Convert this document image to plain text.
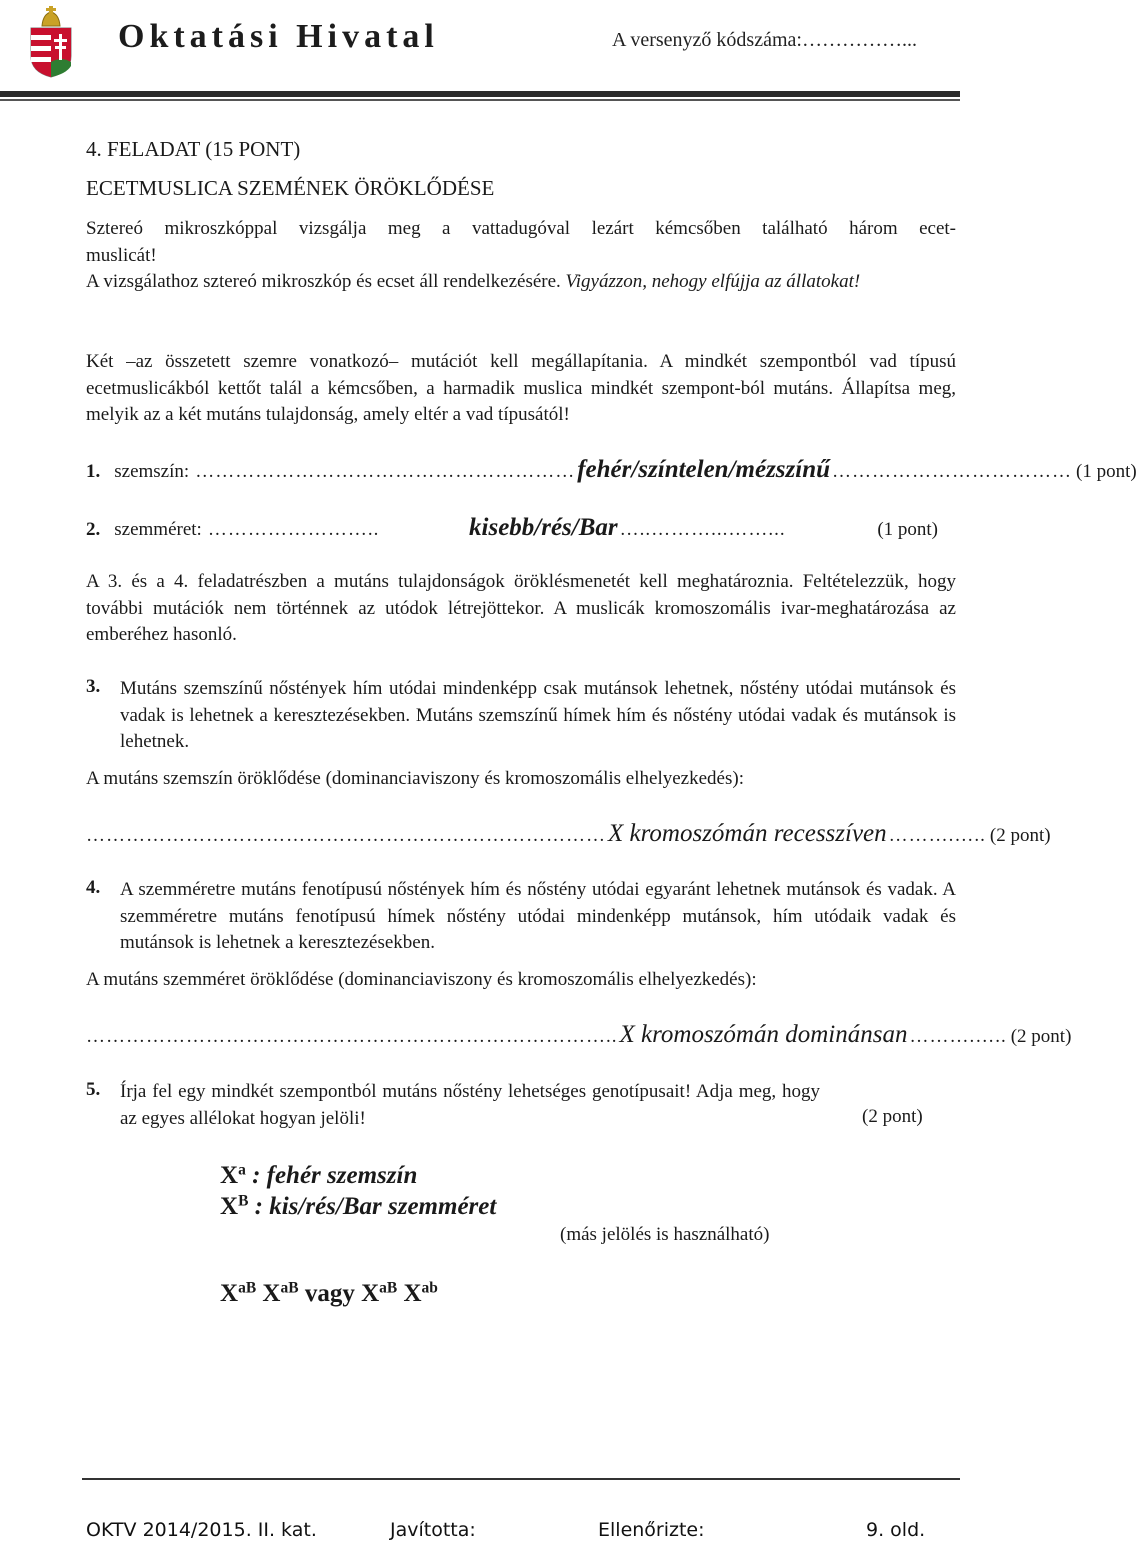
Oktatási Hivatal	A versenyző kódszáma:……………...
4. FELADAT (15 PONT)
ECETMUSLICA SZEMÉNEK ÖRÖKLŐDÉSE
Sztereó mikroszkóppal vizsgálja meg a vattadugóval lezárt kémcsőben található három ecet-
muslicát!
A vizsgálathoz sztereó mikroszkóp és ecset áll rendelkezésére. Vigyázzon, nehogy elfújja az állatokat!
Két –az összetett szemre vonatkozó– mutációt kell megállapítania. A mindkét szempontból vad típusú ecetmuslicákból kettőt talál a kémcsőben, a harmadik muslica mindkét szempont-ból mutáns. Állapítsa meg, melyik az a két mutáns tulajdonság, amely eltér a vad típusától!
1. szemszín: ………………………………………………… fehér/színtelen/mézszínű ……………………………… (1 pont)
2. szemméret: ……………………..	kisebb/rés/Bar …..………...……...	(1 pont)
A 3. és a 4. feladatrészben a mutáns tulajdonságok öröklésmenetét kell meghatároznia. Feltételezzük, hogy további mutációk nem történnek az utódok létrejöttekor. A muslicák kromoszomális ivar-meghatározása az emberéhez hasonló.
3. Mutáns szemszínű nőstények hím utódai mindenképp csak mutánsok lehetnek, nőstény utódai mutánsok és vadak is lehetnek a keresztezésekben. Mutáns szemszínű hímek hím és nőstény utódai vadak és mutánsok is lehetnek.
A mutáns szemszín öröklődése (dominanciaviszony és kromoszomális elhelyezkedés):
…………………………………………………………………… X kromoszómán recesszíven ……….….. (2 pont)
4. A szemméretre mutáns fenotípusú nőstények hím és nőstény utódai egyaránt lehetnek mutánsok és vadak. A szemméretre mutáns fenotípusú hímek nőstény utódai mindenképp mutánsok, hím utódaik vadak és mutánsok is lehetnek a keresztezésekben.
A mutáns szemméret öröklődése (dominanciaviszony és kromoszomális elhelyezkedés):
…………………………………………………………………….. X kromoszómán dominánsan ……….….. (2 pont)
5. Írja fel egy mindkét szempontból mutáns nőstény lehetséges genotípusait! Adja meg, hogy az egyes allélokat hogyan jelöli!	(2 pont)
$X^a$ : fehér szemszín
$X^B$ : kis/rés/Bar szemméret
(más jelölés is használható)
$X^{aB}$ $X^{aB}$ vagy $X^{aB}$ $X^{ab}$
OKTV 2014/2015. II. kat.	Javította:	Ellenőrizte:	9. old.
